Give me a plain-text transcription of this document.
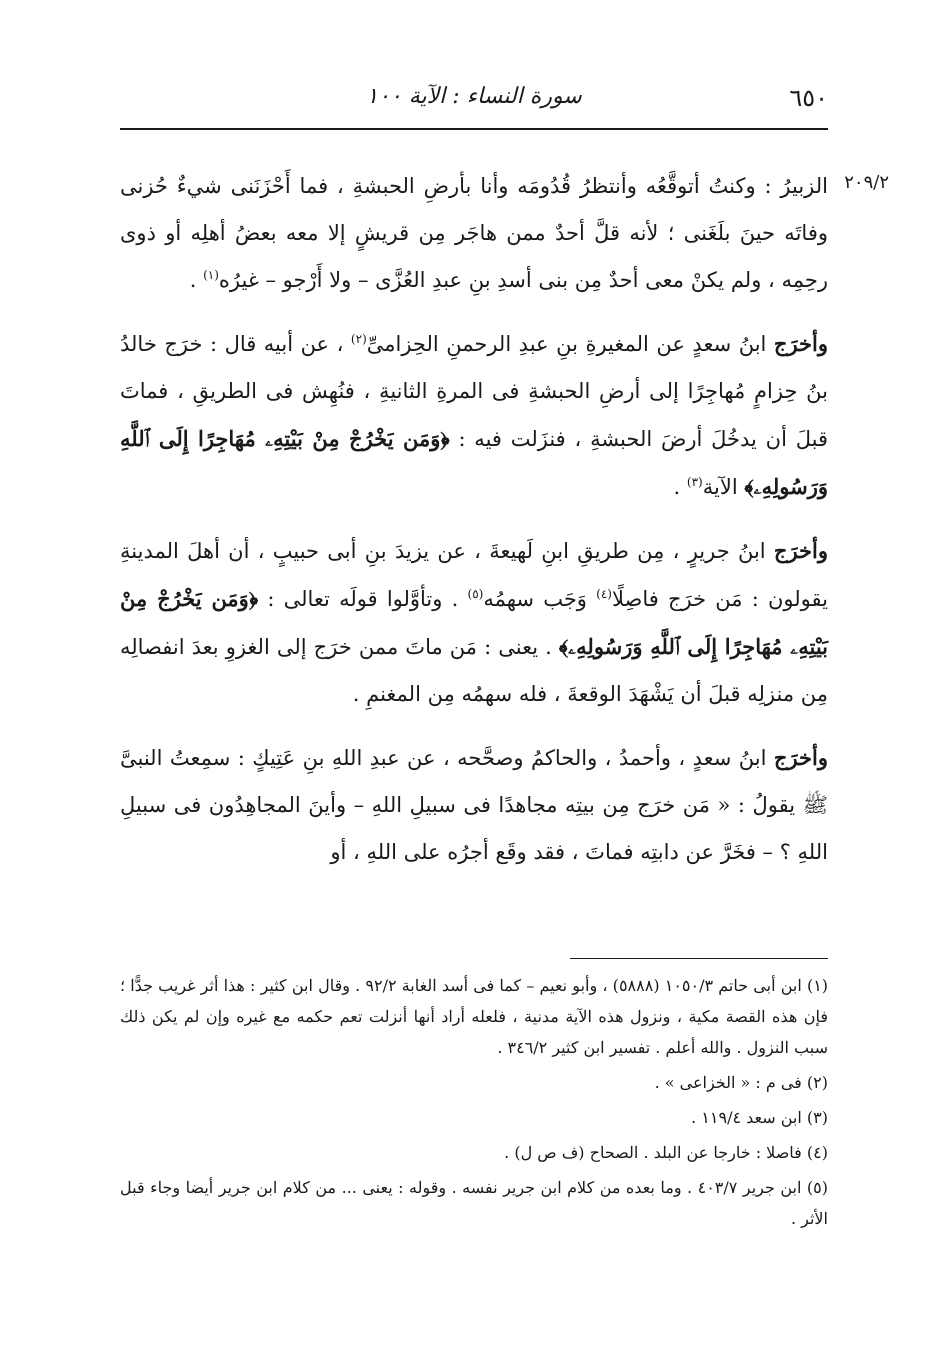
٦٥٠
سورة النساء : الآية ١٠٠
٢٠٩/٢

الزبيرُ : وكنتُ أتوقَّعُه وأنتظرُ قُدُومَه وأنا بأرضِ الحبشةِ ، فما أَحْزَنَنى شيءٌ حُزنى وفاتَه حينَ بلَغَنى ؛ لأنه قلَّ أحدٌ ممن هاجَر مِن قريشٍ إلا معه بعضُ أهلِه أو ذوى رحِمِه ، ولم يكنْ معى أحدٌ مِن بنى أسدِ بنِ عبدِ العُزَّى – ولا أَرْجو – غيرُه$^{(١)}$ .

وأخرَج ابنُ سعدٍ عن المغيرةِ بنِ عبدِ الرحمنِ الحِزامىِّ$^{(٢)}$ ، عن أبيه قال : خرَج خالدُ بنُ حِزامٍ مُهاجِرًا إلى أرضِ الحبشةِ فى المرةِ الثانيةِ ، فنُهِش فى الطريقِ ، فماتَ قبلَ أن يدخُلَ أرضَ الحبشةِ ، فنزَلت فيه : ﴿وَمَن يَخْرُجْ مِنْ بَيْتِهِۦ مُهَاجِرًا إِلَى ٱللَّهِ وَرَسُولِهِۦ﴾ الآية$^{(٣)}$ .

وأخرَج ابنُ جريرٍ ، مِن طريقِ ابنِ لَهيعةَ ، عن يزيدَ بنِ أبى حبيبٍ ، أن أهلَ المدينةِ يقولون : مَن خرَج فاصِلًا$^{(٤)}$ وَجَب سهمُه$^{(٥)}$ . وتأوَّلوا قولَه تعالى : ﴿وَمَن يَخْرُجْ مِنْ بَيْتِهِۦ مُهَاجِرًا إِلَى ٱللَّهِ وَرَسُولِهِۦ﴾ . يعنى : مَن ماتَ ممن خرَج إلى الغزوِ بعدَ انفصالِه مِن منزلِه قبلَ أن يَشْهَدَ الوقعةَ ، فله سهمُه مِن المغنمِ .

وأخرَج ابنُ سعدٍ ، وأحمدُ ، والحاكمُ وصحَّحه ، عن عبدِ اللهِ بنِ عَتِيكٍ : سمِعتُ النبىَّ ﷺ يقولُ : « مَن خرَج مِن بيتِه مجاهدًا فى سبيلِ اللهِ – وأينَ المجاهِدُون فى سبيلِ اللهِ ؟ – فخَرَّ عن دابتِه فماتَ ، فقد وقَع أجرُه على اللهِ ، أو

(١) ابن أبى حاتم ١٠٥٠/٣ (٥٨٨٨) ، وأبو نعيم – كما فى أسد الغابة ٩٢/٢ . وقال ابن كثير : هذا أثر غريب جدًّا ؛ فإن هذه القصة مكية ، ونزول هذه الآية مدنية ، فلعله أراد أنها أنزلت تعم حكمه مع غيره وإن لم يكن ذلك سبب النزول . والله أعلم . تفسير ابن كثير ٣٤٦/٢ .
(٢) فى م : « الخزاعى » .
(٣) ابن سعد ١١٩/٤ .
(٤) فاصلا : خارجا عن البلد . الصحاح (ف ص ل) .
(٥) ابن جرير ٤٠٣/٧ . وما بعده من كلام ابن جرير نفسه . وقوله : يعنى ... من كلام ابن جرير أيضا وجاء قبل الأثر .
